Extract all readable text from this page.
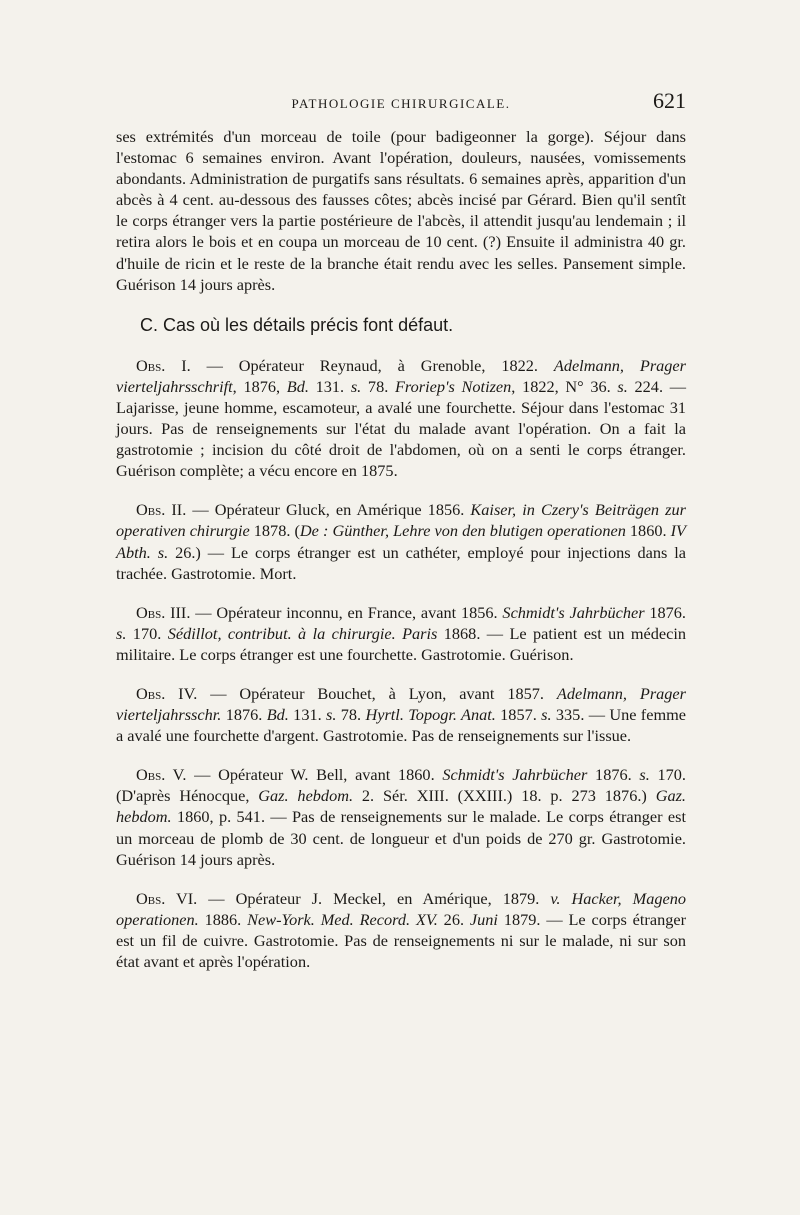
PATHOLOGIE CHIRURGICALE.	621

ses extrémités d'un morceau de toile (pour badigeonner la gorge). Séjour dans l'estomac 6 semaines environ. Avant l'opération, douleurs, nausées, vomissements abondants. Administration de purgatifs sans résultats. 6 semaines après, apparition d'un abcès à 4 cent. au-dessous des fausses côtes; abcès incisé par Gérard. Bien qu'il sentît le corps étranger vers la partie postérieure de l'abcès, il attendit jusqu'au lendemain ; il retira alors le bois et en coupa un morceau de 10 cent. (?) Ensuite il administra 40 gr. d'huile de ricin et le reste de la branche était rendu avec les selles. Pansement simple. Guérison 14 jours après.

C. Cas où les détails précis font défaut.

Obs. I. — Opérateur Reynaud, à Grenoble, 1822. Adelmann, Prager vierteljahrsschrift, 1876, Bd. 131. s. 78. Froriep's Notizen, 1822, N° 36. s. 224. — Lajarisse, jeune homme, escamoteur, a avalé une fourchette. Séjour dans l'estomac 31 jours. Pas de renseignements sur l'état du malade avant l'opération. On a fait la gastrotomie ; incision du côté droit de l'abdomen, où on a senti le corps étranger. Guérison complète; a vécu encore en 1875.

Obs. II. — Opérateur Gluck, en Amérique 1856. Kaiser, in Czery's Beiträgen zur operativen chirurgie 1878. (De : Günther, Lehre von den blutigen operationen 1860. IV Abth. s. 26.) — Le corps étranger est un cathéter, employé pour injections dans la trachée. Gastrotomie. Mort.

Obs. III. — Opérateur inconnu, en France, avant 1856. Schmidt's Jahrbücher 1876. s. 170. Sédillot, contribut. à la chirurgie. Paris 1868. — Le patient est un médecin militaire. Le corps étranger est une fourchette. Gastrotomie. Guérison.

Obs. IV. — Opérateur Bouchet, à Lyon, avant 1857. Adelmann, Prager vierteljahrsschr. 1876. Bd. 131. s. 78. Hyrtl. Topogr. Anat. 1857. s. 335. — Une femme a avalé une fourchette d'argent. Gastrotomie. Pas de renseignements sur l'issue.

Obs. V. — Opérateur W. Bell, avant 1860. Schmidt's Jahrbücher 1876. s. 170. (D'après Hénocque, Gaz. hebdom. 2. Sér. XIII. (XXIII.) 18. p. 273 1876.) Gaz. hebdom. 1860, p. 541. — Pas de renseignements sur le malade. Le corps étranger est un morceau de plomb de 30 cent. de longueur et d'un poids de 270 gr. Gastrotomie. Guérison 14 jours après.

Obs. VI. — Opérateur J. Meckel, en Amérique, 1879. v. Hacker, Mageno operationen. 1886. New-York. Med. Record. XV. 26. Juni 1879. — Le corps étranger est un fil de cuivre. Gastrotomie. Pas de renseignements ni sur le malade, ni sur son état avant et après l'opération.
